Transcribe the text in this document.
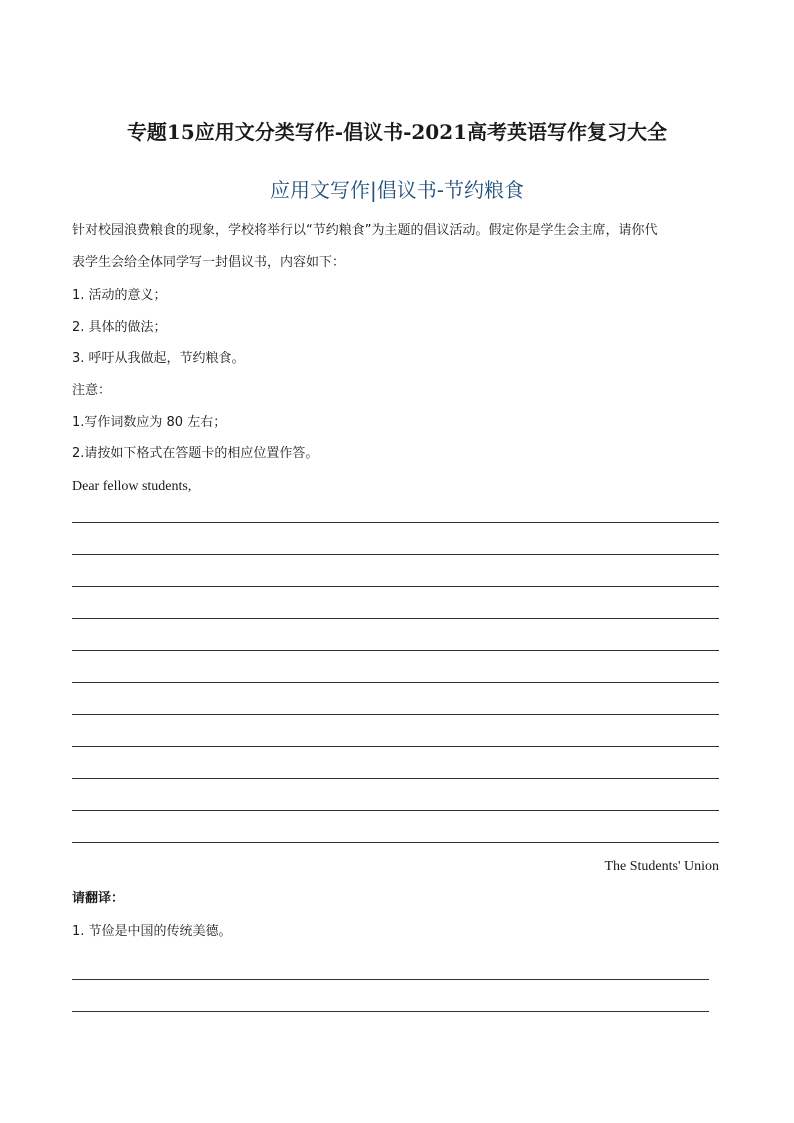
专题15应用文分类写作-倡议书-2021高考英语写作复习大全
应用文写作|倡议书-节约粮食
针对校园浪费粮食的现象，学校将举行以“节约粮食”为主题的倡议活动。假定你是学生会主席，请你代
表学生会给全体同学写一封倡议书，内容如下：
1. 活动的意义；
2. 具体的做法；
3. 呼吁从我做起，节约粮食。
注意：
1.写作词数应为 80 左右；
2.请按如下格式在答题卡的相应位置作答。
Dear fellow students,
The Students' Union
请翻译：
1. 节俭是中国的传统美德。
